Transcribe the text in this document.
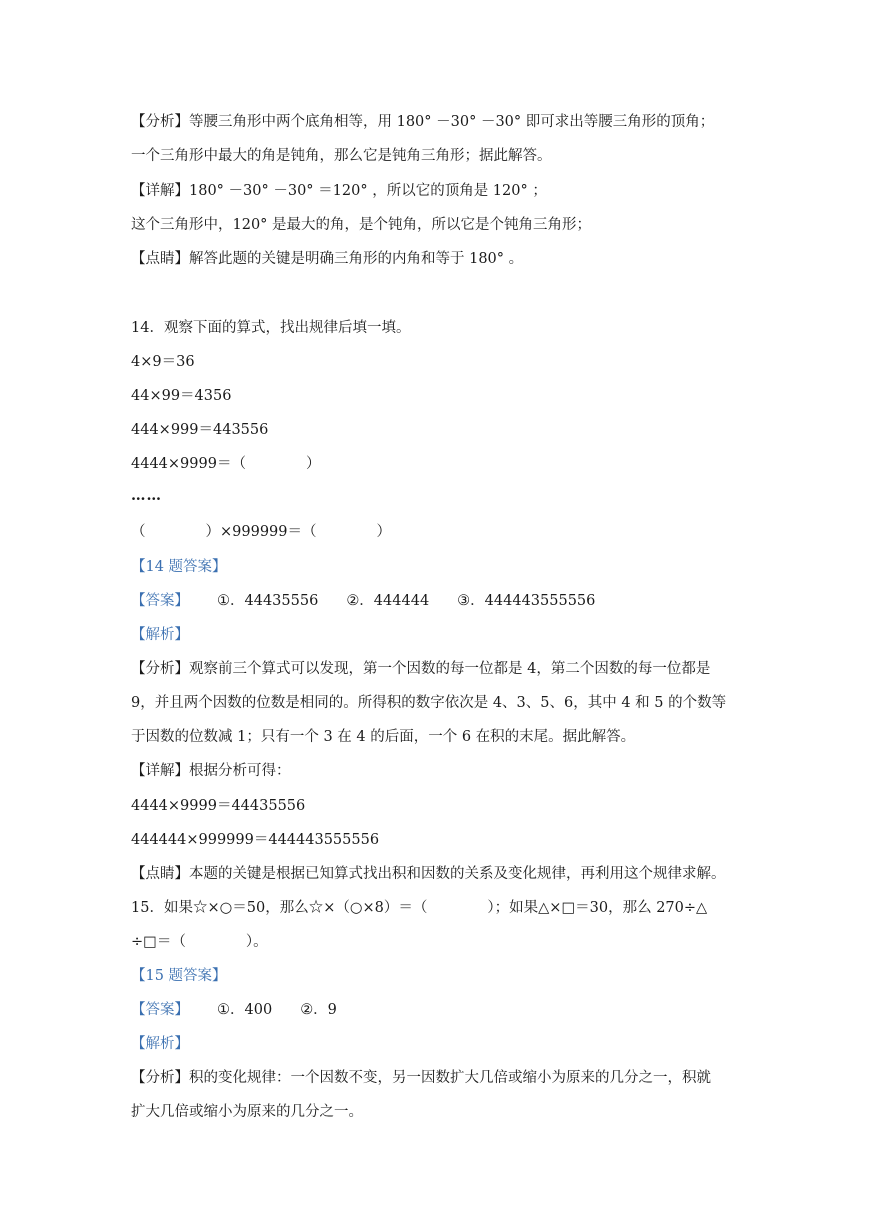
【分析】等腰三角形中两个底角相等，用 180° －30° －30° 即可求出等腰三角形的顶角；
一个三角形中最大的角是钝角，那么它是钝角三角形；据此解答。
【详解】180° －30° －30° ＝120° ，所以它的顶角是 120° ；
这个三角形中，120° 是最大的角，是个钝角，所以它是个钝角三角形；
【点睛】解答此题的关键是明确三角形的内角和等于 180° 。
14．观察下面的算式，找出规律后填一填。
4×9＝36
44×99＝4356
444×999＝443556
4444×9999＝（	）
……
（	）×999999＝（	）
【14 题答案】
【答案】 ①．44435556 ②．444444 ③．444443555556
【解析】
【分析】观察前三个算式可以发现，第一个因数的每一位都是 4，第二个因数的每一位都是
9，并且两个因数的位数是相同的。所得积的数字依次是 4、3、5、6，其中 4 和 5 的个数等
于因数的位数减 1；只有一个 3 在 4 的后面，一个 6 在积的末尾。据此解答。
【详解】根据分析可得：
4444×9999＝44435556
444444×999999＝444443555556
【点睛】本题的关键是根据已知算式找出积和因数的关系及变化规律，再利用这个规律求解。
15．如果☆×○＝50，那么☆×（○×8）＝（	）；如果△×□＝30，那么 270÷△
÷□＝（	）。
【15 题答案】
【答案】 ①．400 ②．9
【解析】
【分析】积的变化规律：一个因数不变，另一因数扩大几倍或缩小为原来的几分之一，积就
扩大几倍或缩小为原来的几分之一。
